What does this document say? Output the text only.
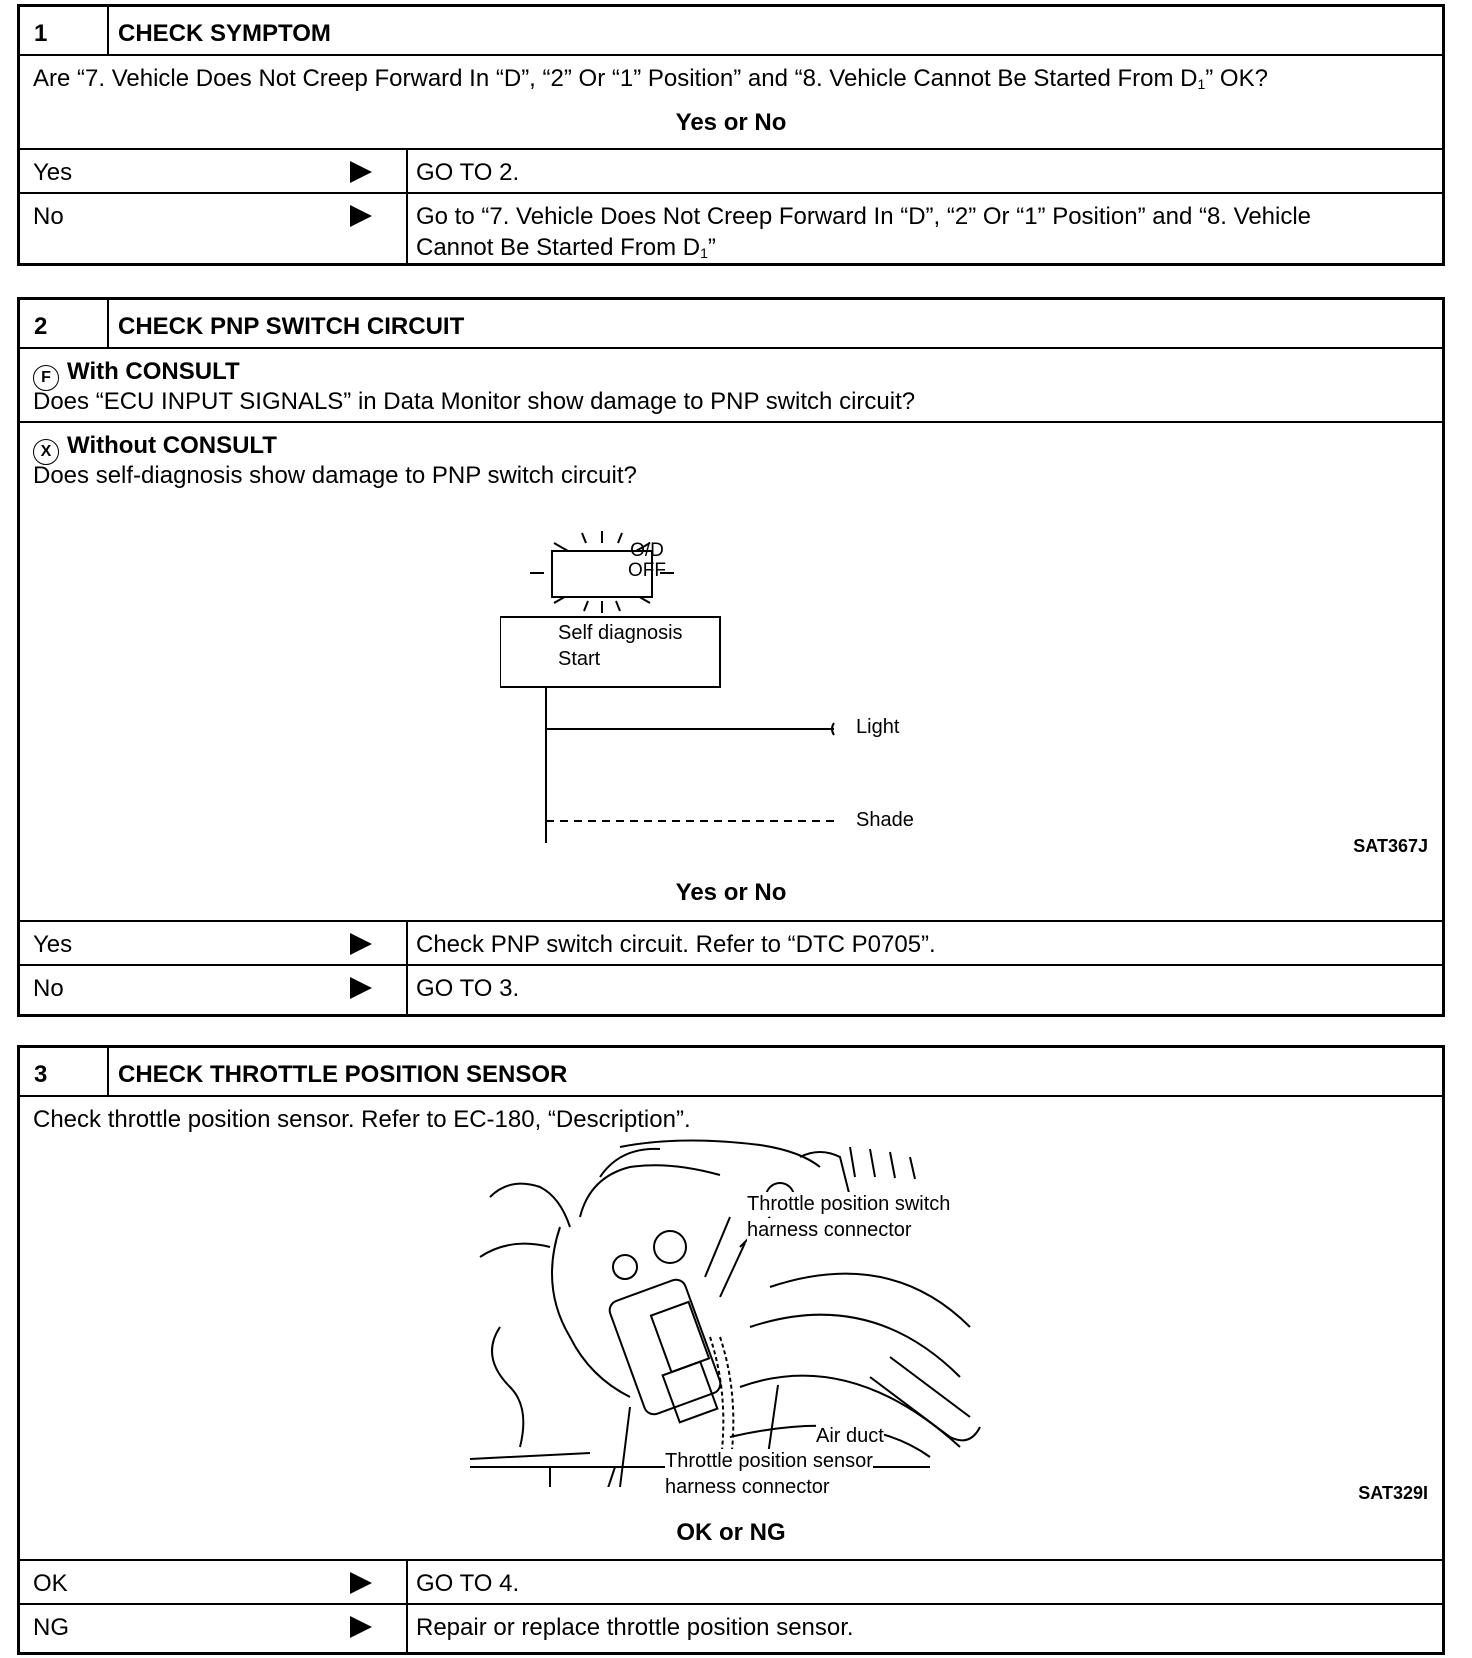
1	CHECK SYMPTOM
Are “7. Vehicle Does Not Creep Forward In “D”, “2” Or “1” Position” and “8. Vehicle Cannot Be Started From $D_1$” OK?
Yes or No
Yes	GO TO 2.
No	Go to “7. Vehicle Does Not Creep Forward In “D”, “2” Or “1” Position” and “8. Vehicle
Cannot Be Started From $D_1$”
2	CHECK PNP SWITCH CIRCUIT
F With CONSULT
Does “ECU INPUT SIGNALS” in Data Monitor show damage to PNP switch circuit?
X Without CONSULT
Does self-diagnosis show damage to PNP switch circuit?
O/D
OFF
Self diagnosis
Start
Light
Shade
SAT367J
Yes or No
Yes	Check PNP switch circuit. Refer to “DTC P0705”.
No	GO TO 3.
3	CHECK THROTTLE POSITION SENSOR
Check throttle position sensor. Refer to EC-180, “Description”.
Throttle position switch
harness connector
Air duct
Throttle position sensor
harness connector	SAT329I
OK or NG
OK	GO TO 4.
NG	Repair or replace throttle position sensor.
